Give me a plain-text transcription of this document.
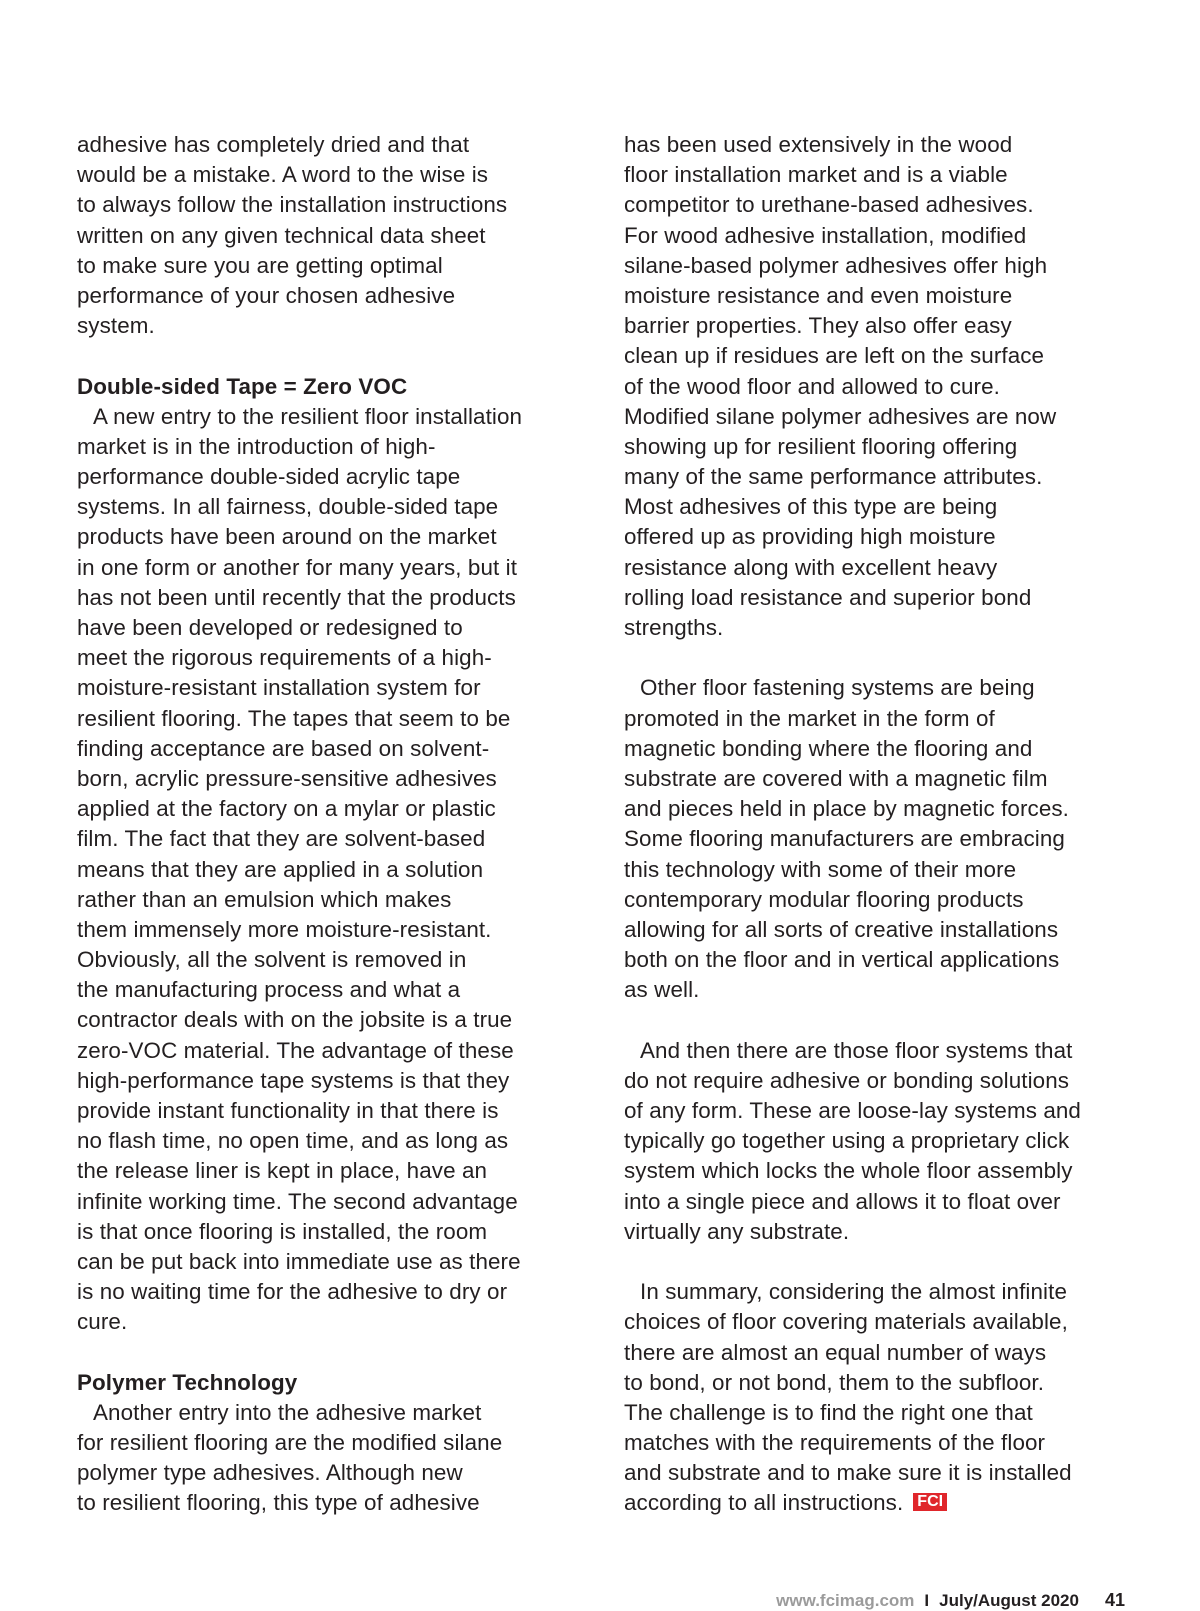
adhesive has completely dried and that
would be a mistake. A word to the wise is
to always follow the installation instructions
written on any given technical data sheet
to make sure you are getting optimal
performance of your chosen adhesive
system.
Double-sided Tape = Zero VOC
A new entry to the resilient floor installation
market is in the introduction of high-
performance double-sided acrylic tape
systems. In all fairness, double-sided tape
products have been around on the market
in one form or another for many years, but it
has not been until recently that the products
have been developed or redesigned to
meet the rigorous requirements of a high-
moisture-resistant installation system for
resilient flooring. The tapes that seem to be
finding acceptance are based on solvent-
born, acrylic pressure-sensitive adhesives
applied at the factory on a mylar or plastic
film. The fact that they are solvent-based
means that they are applied in a solution
rather than an emulsion which makes
them immensely more moisture-resistant.
Obviously, all the solvent is removed in
the manufacturing process and what a
contractor deals with on the jobsite is a true
zero-VOC material. The advantage of these
high-performance tape systems is that they
provide instant functionality in that there is
no flash time, no open time, and as long as
the release liner is kept in place, have an
infinite working time. The second advantage
is that once flooring is installed, the room
can be put back into immediate use as there
is no waiting time for the adhesive to dry or
cure.
Polymer Technology
Another entry into the adhesive market
for resilient flooring are the modified silane
polymer type adhesives. Although new
to resilient flooring, this type of adhesive
has been used extensively in the wood
floor installation market and is a viable
competitor to urethane-based adhesives.
For wood adhesive installation, modified
silane-based polymer adhesives offer high
moisture resistance and even moisture
barrier properties. They also offer easy
clean up if residues are left on the surface
of the wood floor and allowed to cure.
Modified silane polymer adhesives are now
showing up for resilient flooring offering
many of the same performance attributes.
Most adhesives of this type are being
offered up as providing high moisture
resistance along with excellent heavy
rolling load resistance and superior bond
strengths.
Other floor fastening systems are being
promoted in the market in the form of
magnetic bonding where the flooring and
substrate are covered with a magnetic film
and pieces held in place by magnetic forces.
Some flooring manufacturers are embracing
this technology with some of their more
contemporary modular flooring products
allowing for all sorts of creative installations
both on the floor and in vertical applications
as well.
And then there are those floor systems that
do not require adhesive or bonding solutions
of any form. These are loose-lay systems and
typically go together using a proprietary click
system which locks the whole floor assembly
into a single piece and allows it to float over
virtually any substrate.
In summary, considering the almost infinite
choices of floor covering materials available,
there are almost an equal number of ways
to bond, or not bond, them to the subfloor.
The challenge is to find the right one that
matches with the requirements of the floor
and substrate and to make sure it is installed
according to all instructions. FCI
www.fcimag.com I July/August 2020 41
